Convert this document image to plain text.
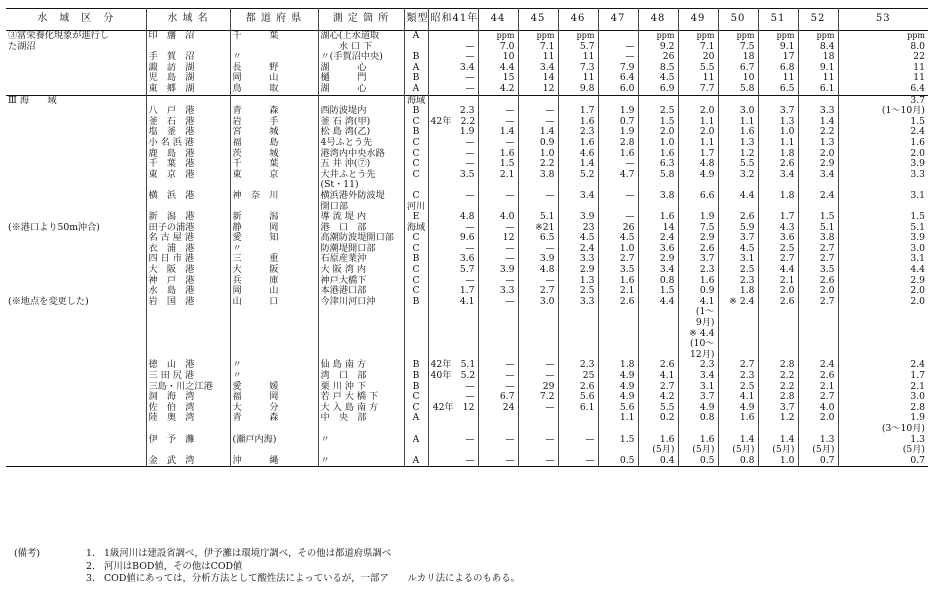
水　域　区　分	水 域 名	都 道 府 県	測 定 箇 所	類型	昭和41年	44	45	46	47	48	49	50	51	52	53
③富栄養化現象が進行し	印　旛　沼	千　　　葉	湖心(上水道取	A		ppm	ppm	ppm		ppm	ppm	ppm	ppm	ppm	ppm
た湖沼			　　水 口 下		—	7.0	7.1	5.7	—	9.2	7.1	7.5	9.1	8.4	8.0
	手　賀　沼	〃	〃(手賀沼中央)	B	—	10	11	11	—	26	20	18	17	18	22
	諏　訪　湖	長　　　野	湖　　　心	A	3.4	4.4	3.4	7.3	7.9	8.5	5.5	6.7	6.8	9.1	11
	児　島　湖	岡　　　山	樋　　　門	B	—	15	14	11	6.4	4.5	11	10	11	11	11
	東　郷　湖	鳥　　　取	湖　　　心	A	—	4.2	12	9.8	6.0	6.9	7.7	5.8	6.5	6.1	6.4
Ⅲ 海　　域				海域											3.7
	八　戸　港	青　　　森	西防波堤内	B	2.3	—	—	1.7	1.9	2.5	2.0	3.0	3.7	3.3	(1～10月)
	釜　石　港	岩　　　手	釜 石 湾(甲)	C	42年　2.2	—	—	1.6	0.7	1.5	1.1	1.1	1.3	1.4	1.5
	塩　釜　港	宮　　　城	松 島 湾(乙)	B	1.9	1.4	1.4	2.3	1.9	2.0	2.0	1.6	1.0	2.2	2.4
	小 名 浜 港	福　　　島	4号ふとう先	C	—	—	0.9	1.6	2.8	1.0	1.1	1.3	1.1	1.3	1.6
	鹿　島　港	茨　　　城	港湾内中央水路	C	—	1.6	1.0	4.6	1.6	1.6	1.7	1.2	1.8	2.0	2.0
	千　葉　港	千　　　葉	五 井 沖(⑦)	C	—	1.5	2.2	1.4	—	6.3	4.8	5.5	2.6	2.9	3.9
	東　京　港	東　　　京	大井ふとう先	C	3.5	2.1	3.8	5.2	4.7	5.8	4.9	3.2	3.4	3.4	3.3
			(St・11)												
	横　浜　港	神　奈　川	横浜港外防波堤	C	—	—	—	3.4	—	3.8	6.6	4.4	1.8	2.4	3.1
			開口部	河川											
	新　潟　港	新　　　潟	導 流 堤 内	E	4.8	4.0	5.1	3.9	—	1.6	1.9	2.6	1.7	1.5	1.5
(※港口より50m沖合)	田子の浦港	静　　　岡	港　口　部	海域	—	—	※21	23	26	14	7.5	5.9	4.3	5.1	5.1
	名 古 屋 港	愛　　　知	高潮防波堤開口部	C	9.6	12	6.5	4.5	4.5	2.4	2.9	3.7	3.6	3.8	3.9
	衣　浦　港	〃	防潮堤開口部	C	—	—	—	2.4	1.0	3.6	2.6	4.5	2.5	2.7	3.0
	四 日 市 港	三　　　重	石原産業沖	B	3.6	—	3.9	3.3	2.7	2.9	3.7	3.1	2.7	2.7	3.1
	大　阪　港	大　　　阪	大 阪 湾 内	C	5.7	3.9	4.8	2.9	3.5	3.4	2.3	2.5	4.4	3.5	4.4
	神　戸　港	兵　　　庫	神戸大橋下	C	—	—	—	1.3	1.6	0.8	1.6	2.3	2.1	2.6	2.9
	水　島　港	岡　　　山	本港港口部	C	1.7	3.3	2.7	2.5	2.1	1.5	0.9	1.8	2.0	2.0	2.0
(※地点を変更した)	岩　国　港	山　　　口	今津川河口沖	B	4.1	—	3.0	3.3	2.6	4.4	4.1	※ 2.4	2.6	2.7	2.0
											(1～				
											9月)				
											※ 4.4				
											(10～				
											12月)				
	徳　山　港	〃	仙 島 南 方	B	42年　5.1	—	—	2.3	1.8	2.6	2.3	2.7	2.8	2.4	2.4
	三 田 尻 港	〃	湾　口　部	B	40年　5.2	—	—	25	4.9	4.1	3.4	2.3	2.2	2.6	1.7
	三島・川之江港	愛　　　媛	栗 川 沖 下	B	—	—	29	2.6	4.9	2.7	3.1	2.5	2.2	2.1	2.1
	洞　海　湾	福　　　岡	若 戸 大 橋 下	C	—	6.7	7.2	5.6	4.9	4.2	3.7	4.1	2.8	2.7	3.0
	佐　伯　湾	大　　　分	大 入 島 南 方	C	42年　12	24	—	6.1	5.6	5.5	4.9	4.9	3.7	4.0	2.8
	陸　奥　湾	青　　　森	中　央　部	A					1.1	0.2	0.8	1.6	1.2	2.0	1.9
															(3～10月)
	伊　予　灘	(瀬戸内海)	〃	A	—	—	—	—	1.5	1.6	1.6	1.4	1.4	1.3	1.3
										(5月)	(5月)	(5月)	(5月)	(5月)	(5月)
	金　武　湾	沖　　　縄	〃	A	—	—	—	—	0.5	0.4	0.5	0.8	1.0	0.7	0.7
(備考)	1. 1級河川は建設省調べ，伊予灘は環境庁調べ，その他は都道府県調べ
2. 河川はBOD値，その他はCOD値
3. COD値にあっては，分析方法として酸性法によっているが，一部ア　　ルカリ法によるのもある。
